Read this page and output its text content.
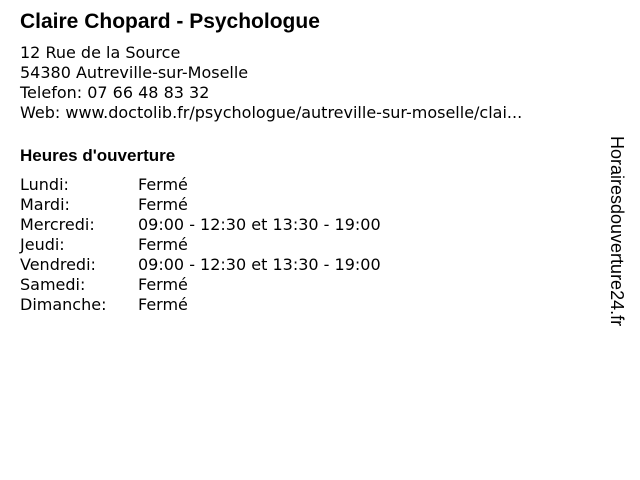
Claire Chopard - Psychologue
12 Rue de la Source
54380 Autreville-sur-Moselle
Telefon: 07 66 48 83 32
Web: www.doctolib.fr/psychologue/autreville-sur-moselle/clai...
Heures d'ouverture
Lundi:	Fermé
Mardi:	Fermé
Mercredi:	09:00 - 12:30 et 13:30 - 19:00
Jeudi:	Fermé
Vendredi:	09:00 - 12:30 et 13:30 - 19:00
Samedi:	Fermé
Dimanche:	Fermé	Horairesdouverture24.fr
